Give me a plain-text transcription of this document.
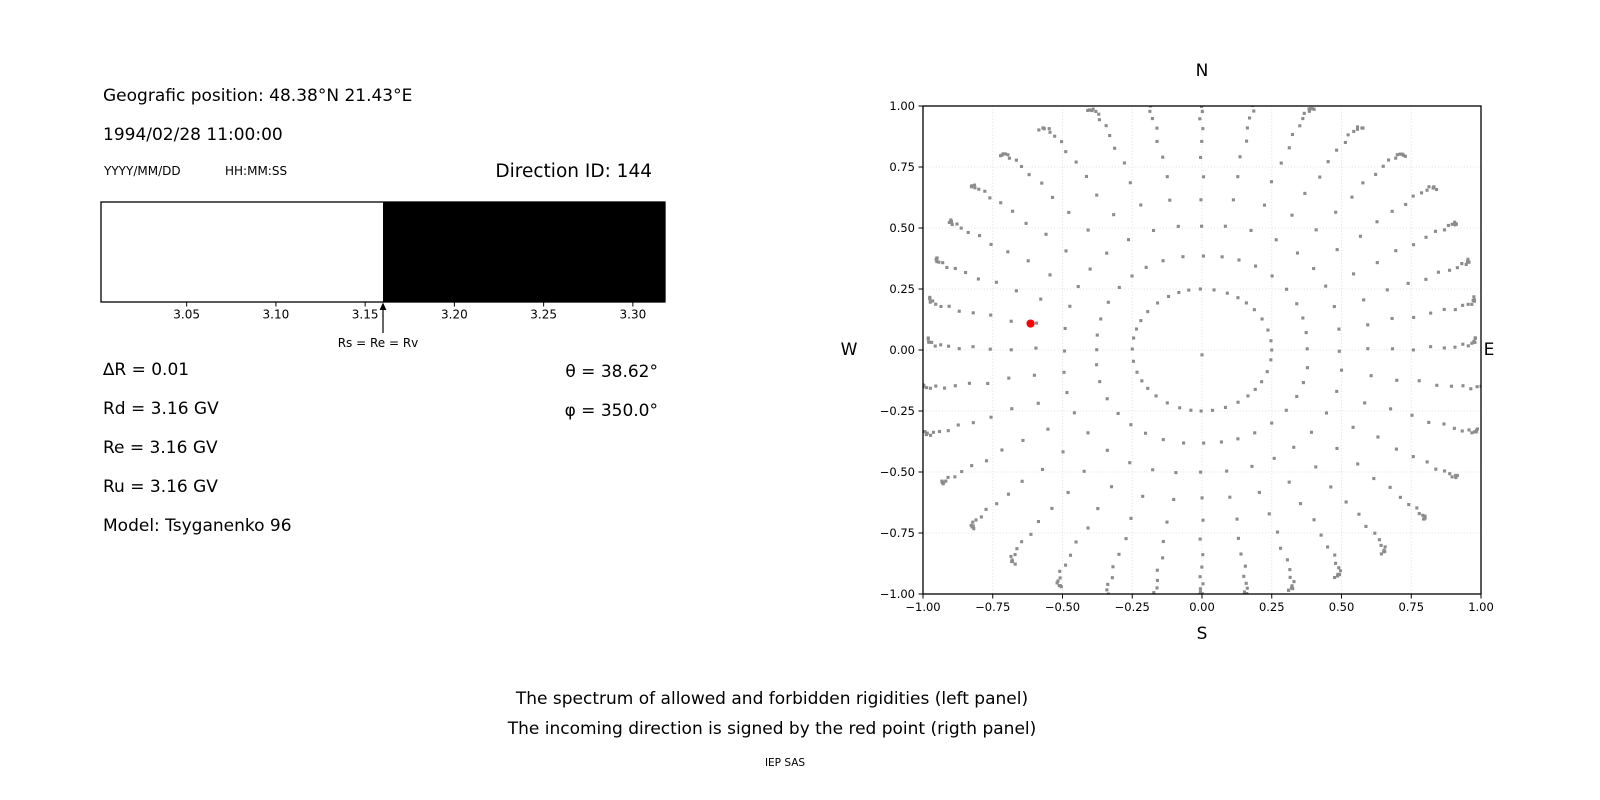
Geografic position: 48.38°N 21.43°E
1994/02/28 11:00:00
YYYY/MM/DD	HH:MM:SS	Direction ID: 144
3.05	3.10	3.15	3.20	3.25	3.30
Rs = Re = Rv
∆R = 0.01
Rd = 3.16 GV
Re = 3.16 GV
Ru = 3.16 GV
Model: Tsyganenko 96
θ = 38.62°
φ = 350.0°
−1.00	−0.75	−0.50	−0.25	0.00	0.25	0.50	0.75	1.00
−1.00
−0.75
−0.50
−0.25
0.00
0.25
0.50
0.75
1.00
N
S
W	E
The spectrum of allowed and forbidden rigidities (left panel)
The incoming direction is signed by the red point (rigth panel)
IEP SAS
